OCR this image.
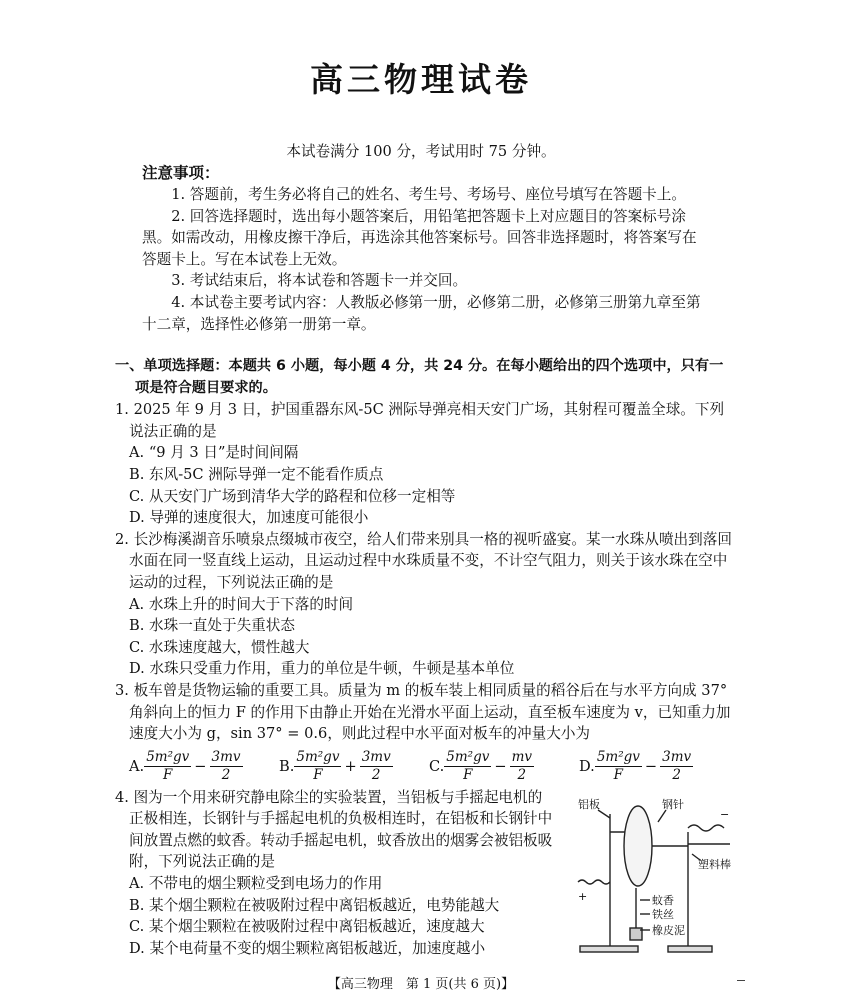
高三物理试卷
本试卷满分 100 分，考试用时 75 分钟。
注意事项：

1. 答题前，考生务必将自己的姓名、考生号、考场号、座位号填写在答题卡上。

2. 回答选择题时，选出每小题答案后，用铅笔把答题卡上对应题目的答案标号涂黑。如需改动，用橡皮擦干净后，再选涂其他答案标号。回答非选择题时，将答案写在答题卡上。写在本试卷上无效。

3. 考试结束后，将本试卷和答题卡一并交回。

4. 本试卷主要考试内容：人教版必修第一册，必修第二册，必修第三册第九章至第十二章，选择性必修第一册第一章。

一、单项选择题：本题共 6 小题，每小题 4 分，共 24 分。在每小题给出的四个选项中，只有一项是符合题目要求的。
1. 2025 年 9 月 3 日，护国重器东风-5C 洲际导弹亮相天安门广场，其射程可覆盖全球。下列说法正确的是
A. “9 月 3 日”是时间间隔
B. 东风-5C 洲际导弹一定不能看作质点
C. 从天安门广场到清华大学的路程和位移一定相等
D. 导弹的速度很大，加速度可能很小
2. 长沙梅溪湖音乐喷泉点缀城市夜空，给人们带来别具一格的视听盛宴。某一水珠从喷出到落回水面在同一竖直线上运动，且运动过程中水珠质量不变，不计空气阻力，则关于该水珠在空中运动的过程，下列说法正确的是
A. 水珠上升的时间大于下落的时间
B. 水珠一直处于失重状态
C. 水珠速度越大，惯性越大
D. 水珠只受重力作用，重力的单位是牛顿，牛顿是基本单位
3. 板车曾是货物运输的重要工具。质量为 m 的板车装上相同质量的稻谷后在与水平方向成 37°角斜向上的恒力 F 的作用下由静止开始在光滑水平面上运动，直至板车速度为 v，已知重力加速度大小为 g，sin 37° = 0.6，则此过程中水平面对板车的冲量大小为
A. $\frac{\text{5m²gv}}{F} - \frac{3mv}{2} B$. $\frac{\text{5m²gv}}{F} + \frac{3mv}{2} C$. $\frac{\text{5m²gv}}{F} - \frac{mv}{2}$	D. $\frac{\text{5m²gv}}{F} - \frac{3mv}{2}$
4. 图为一个用来研究静电除尘的实验装置，当铝板与手摇起电机的正极相连，长钢针与手摇起电机的负极相连时，在铝板和长钢针中间放置点燃的蚊香。转动手摇起电机，蚊香放出的烟雾会被铝板吸附，下列说法正确的是
A. 不带电的烟尘颗粒受到电场力的作用
B. 某个烟尘颗粒在被吸附过程中离铝板越近，电势能越大
C. 某个烟尘颗粒在被吸附过程中离铝板越近，速度越大
D. 某个电荷量不变的烟尘颗粒离铝板越近，加速度越小
铝板	钢针
蚊香
铁丝
橡皮泥
塑料棒
+
−
【高三物理　第 1 页(共 6 页)】
